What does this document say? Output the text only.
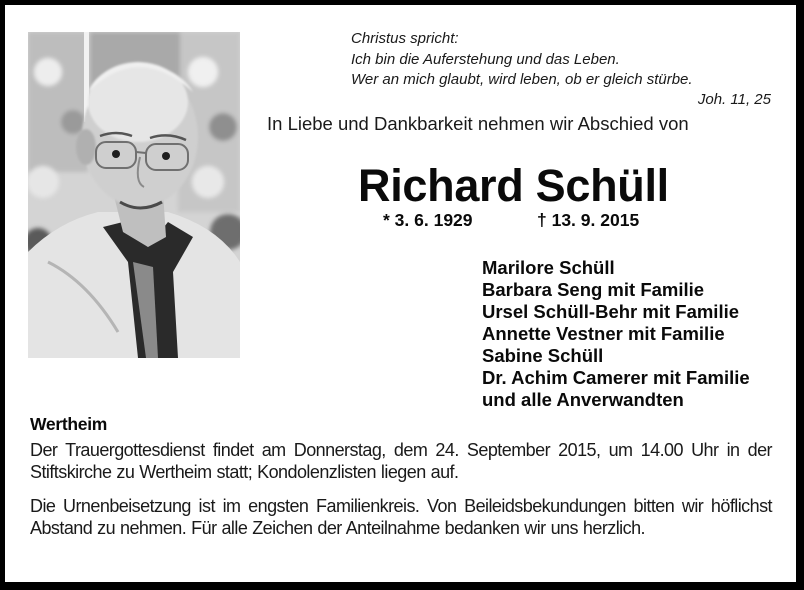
Christus spricht:
Ich bin die Auferstehung und das Leben.
Wer an mich glaubt, wird leben, ob er gleich stürbe.
Joh. 11, 25
In Liebe und Dankbarkeit nehmen wir Abschied von
Richard Schüll
* 3. 6. 1929	† 13. 9. 2015
Marilore Schüll
Barbara Seng mit Familie
Ursel Schüll-Behr mit Familie
Annette Vestner mit Familie
Sabine Schüll
Dr. Achim Camerer mit Familie
und alle Anverwandten
Wertheim
Der Trauergottesdienst findet am Donnerstag, dem 24. September 2015, um 14.00 Uhr in der Stiftskirche zu Wertheim statt; Kondolenzlisten liegen auf.
Die Urnenbeisetzung ist im engsten Familienkreis. Von Beileidsbekundungen bitten wir höflichst Abstand zu nehmen. Für alle Zeichen der Anteilnahme bedanken wir uns herzlich.
